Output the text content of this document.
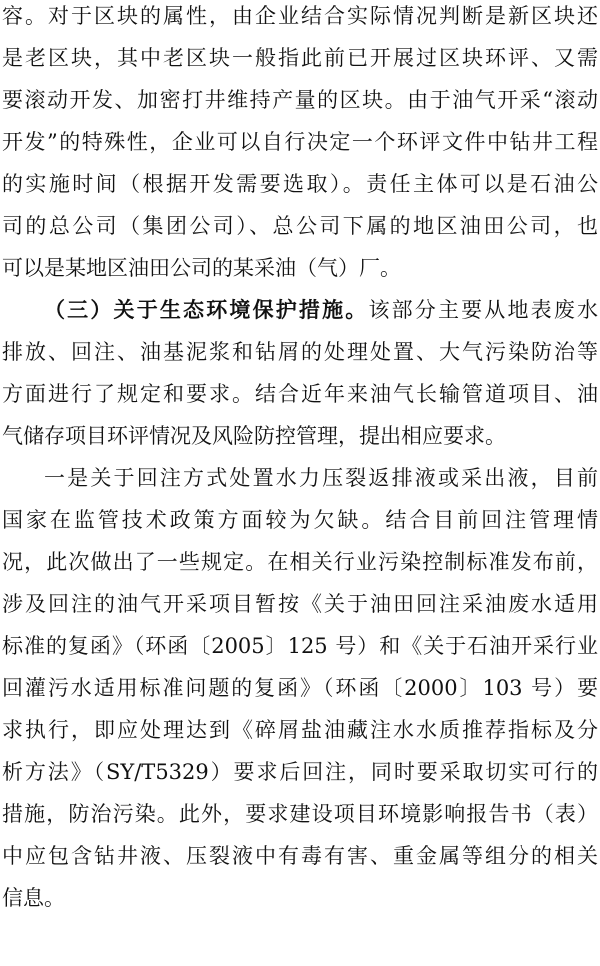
容。对于区块的属性，由企业结合实际情况判断是新区块还
是老区块，其中老区块一般指此前已开展过区块环评、又需
要滚动开发、加密打井维持产量的区块。由于油气开采“滚动
开发”的特殊性，企业可以自行决定一个环评文件中钻井工程
的实施时间（根据开发需要选取）。责任主体可以是石油公
司的总公司（集团公司）、总公司下属的地区油田公司，也
可以是某地区油田公司的某采油（气）厂。
（三）关于生态环境保护措施。该部分主要从地表废水
排放、回注、油基泥浆和钻屑的处理处置、大气污染防治等
方面进行了规定和要求。结合近年来油气长输管道项目、油
气储存项目环评情况及风险防控管理，提出相应要求。
一是关于回注方式处置水力压裂返排液或采出液，目前
国家在监管技术政策方面较为欠缺。结合目前回注管理情
况，此次做出了一些规定。在相关行业污染控制标准发布前，
涉及回注的油气开采项目暂按《关于油田回注采油废水适用
标准的复函》（环函〔2005〕125 号）和《关于石油开采行业
回灌污水适用标准问题的复函》（环函〔2000〕103 号）要
求执行，即应处理达到《碎屑盐油藏注水水质推荐指标及分
析方法》（SY/T5329）要求后回注，同时要采取切实可行的
措施，防治污染。此外，要求建设项目环境影响报告书（表）
中应包含钻井液、压裂液中有毒有害、重金属等组分的相关
信息。
